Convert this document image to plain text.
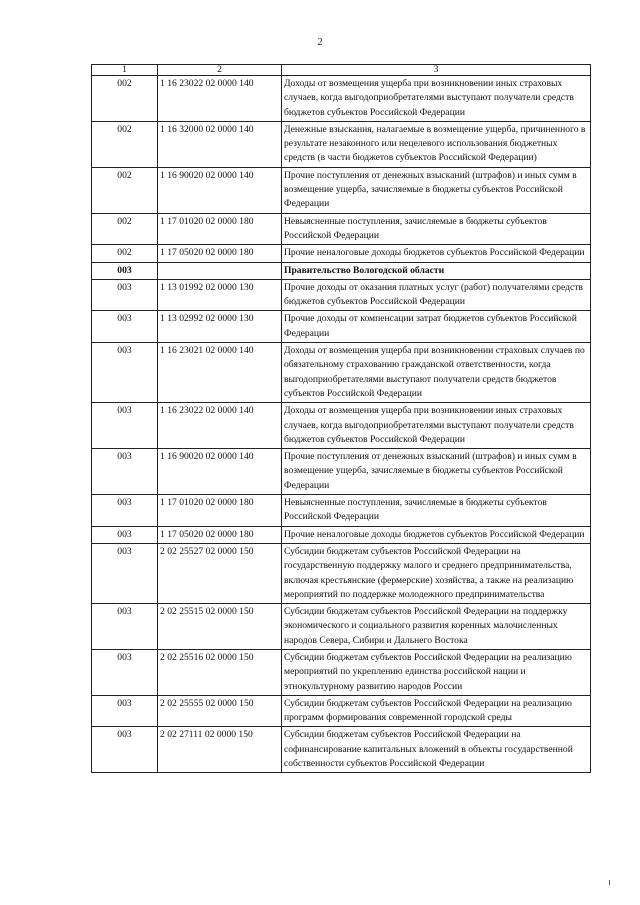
2
1	2	3
002	1 16 23022 02 0000 140	Доходы от возмещения ущерба при возникновении иных страховых случаев, когда выгодоприобретателями выступают получатели средств бюджетов субъектов Российской Федерации
002	1 16 32000 02 0000 140	Денежные взыскания, налагаемые в возмещение ущерба, причиненного в результате незаконного или нецелевого использования бюджетных средств (в части бюджетов субъектов Российской Федерации)
002	1 16 90020 02 0000 140	Прочие поступления от денежных взысканий (штрафов) и иных сумм в возмещение ущерба, зачисляемые в бюджеты субъектов Российской Федерации
002	1 17 01020 02 0000 180	Невыясненные поступления, зачисляемые в бюджеты субъектов Российской Федерации
002	1 17 05020 02 0000 180	Прочие неналоговые доходы бюджетов субъектов Российской Федерации
003		Правительство Вологодской области
003	1 13 01992 02 0000 130	Прочие доходы от оказания платных услуг (работ) получателями средств бюджетов субъектов Российской Федерации
003	1 13 02992 02 0000 130	Прочие доходы от компенсации затрат бюджетов субъектов Российской Федерации
003	1 16 23021 02 0000 140	Доходы от возмещения ущерба при возникновении страховых случаев по обязательному страхованию гражданской ответственности, когда выгодоприобретателями выступают получатели средств бюджетов субъектов Российской Федерации
003	1 16 23022 02 0000 140	Доходы от возмещения ущерба при возникновении иных страховых случаев, когда выгодоприобретателями выступают получатели средств бюджетов субъектов Российской Федерации
003	1 16 90020 02 0000 140	Прочие поступления от денежных взысканий (штрафов) и иных сумм в возмещение ущерба, зачисляемые в бюджеты субъектов Российской Федерации
003	1 17 01020 02 0000 180	Невыясненные поступления, зачисляемые в бюджеты субъектов Российской Федерации
003	1 17 05020 02 0000 180	Прочие неналоговые доходы бюджетов субъектов Российской Федерации
003	2 02 25527 02 0000 150	Субсидии бюджетам субъектов Российской Федерации на государственную поддержку малого и среднего предпринимательства, включая крестьянские (фермерские) хозяйства, а также на реализацию мероприятий по поддержке молодежного предпринимательства
003	2 02 25515 02 0000 150	Субсидии бюджетам субъектов Российской Федерации на поддержку экономического и социального развития коренных малочисленных народов Севера, Сибири и Дальнего Востока
003	2 02 25516 02 0000 150	Субсидии бюджетам субъектов Российской Федерации на реализацию мероприятий по укреплению единства российской нации и этнокультурному развитию народов России
003	2 02 25555 02 0000 150	Субсидии бюджетам субъектов Российской Федерации на реализацию программ формирования современной городской среды
003	2 02 27111 02 0000 150	Субсидии бюджетам субъектов Российской Федерации на софинансирование капитальных вложений в объекты государственной собственности субъектов Российской Федерации
